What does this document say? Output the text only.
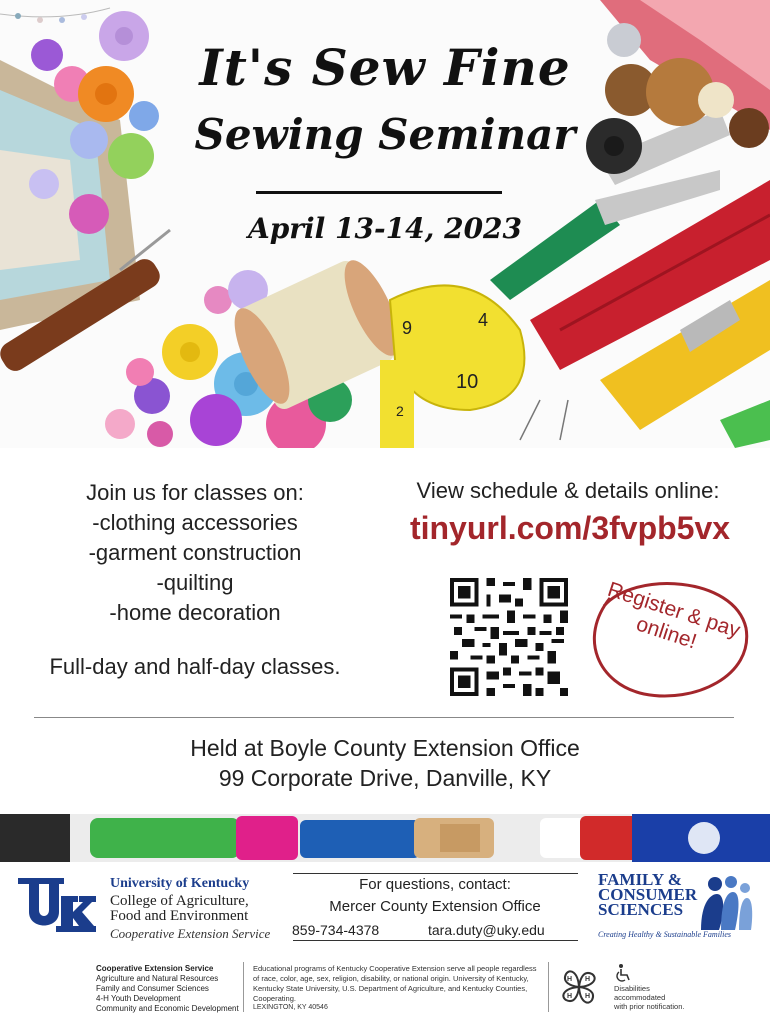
9	4
10
2
It's Sew Fine
Sewing Seminar
April 13-14, 2023
Join us for classes on:
-clothing accessories
-garment construction
-quilting
-home decoration
Full-day and half-day classes.
View schedule & details online:
tinyurl.com/3fvpb5vx
Register & pay online!
Held at Boyle County Extension Office
99 Corporate Drive, Danville, KY
University of Kentucky
College of Agriculture,
Food and Environment
Cooperative Extension Service
For questions, contact:
Mercer County Extension Office
859-734-4378	tara.duty@uky.edu
FAMILY &
CONSUMER
SCIENCES
Creating Healthy & Sustainable Families
Cooperative Extension Service
Agriculture and Natural Resources
Family and Consumer Sciences
4-H Youth Development
Community and Economic Development
Educational programs of Kentucky Cooperative Extension serve all people regardless of race, color, age, sex, religion, disability, or national origin. University of Kentucky, Kentucky State University, U.S. Department of Agriculture, and Kentucky Counties, Cooperating.
LEXINGTON, KY 40546
H H
H
H
Disabilities
accommodated
with prior notification.
